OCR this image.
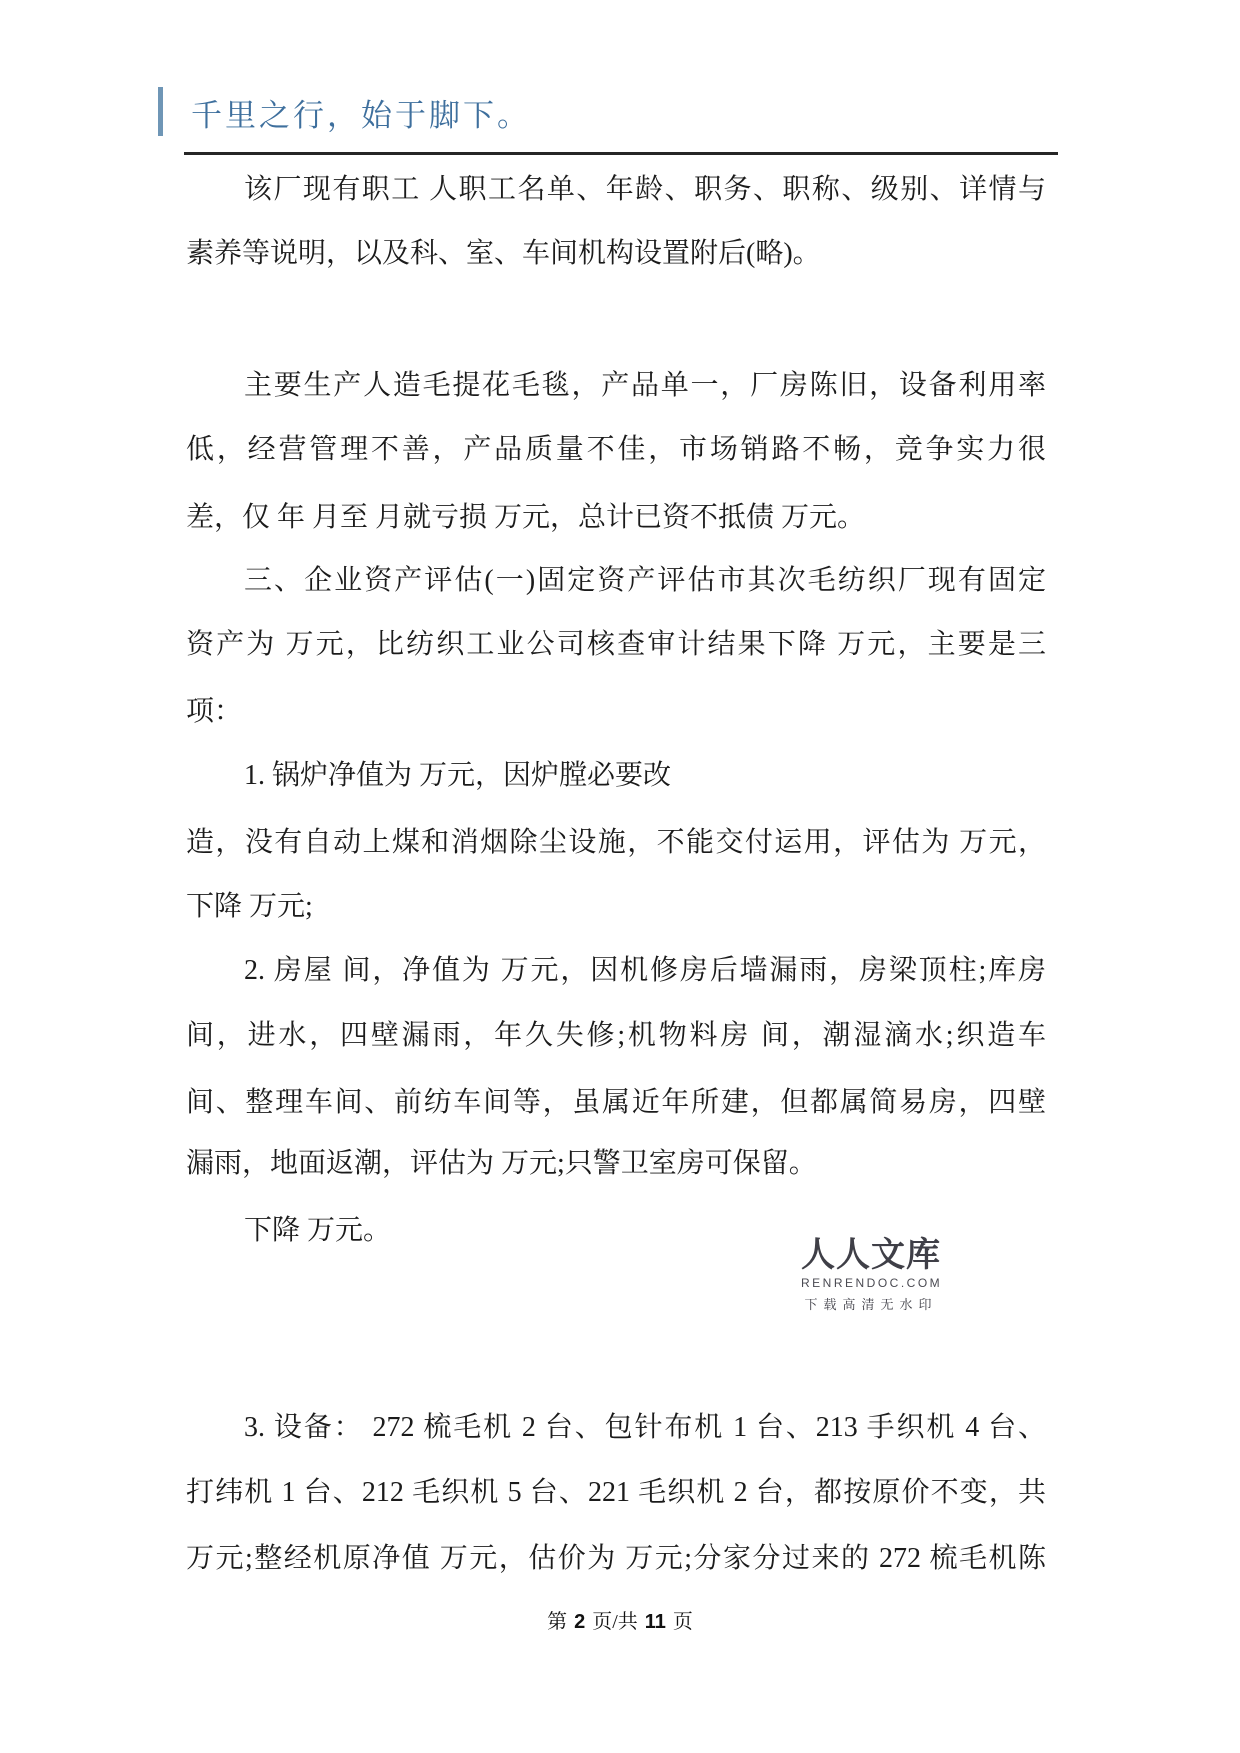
千里之行，始于脚下。
该厂现有职工 人职工名单、年龄、职务、职称、级别、详情与
素养等说明，以及科、室、车间机构设置附后(略)。
主要生产人造毛提花毛毯，产品单一，厂房陈旧，设备利用率
低，经营管理不善，产品质量不佳，市场销路不畅，竞争实力很
差，仅 年 月至 月就亏损 万元，总计已资不抵债 万元。
三、企业资产评估(一)固定资产评估市其次毛纺织厂现有固定
资产为 万元，比纺织工业公司核查审计结果下降 万元，主要是三
项：
1. 锅炉净值为 万元，因炉膛必要改
造，没有自动上煤和消烟除尘设施，不能交付运用，评估为 万元，
下降 万元;
2. 房屋 间，净值为 万元，因机修房后墙漏雨，房梁顶柱;库房
间，进水，四壁漏雨，年久失修;机物料房 间，潮湿滴水;织造车
间、整理车间、前纺车间等，虽属近年所建，但都属简易房，四壁
漏雨，地面返潮，评估为 万元;只警卫室房可保留。
下降 万元。
3. 设备： 272 梳毛机 2 台、包针布机 1 台、213 手织机 4 台、
打纬机 1 台、212 毛织机 5 台、221 毛织机 2 台，都按原价不变，共
万元;整经机原净值 万元，估价为 万元;分家分过来的 272 梳毛机陈
人人文库
RENRENDOC.COM
下载高清无水印
第 2 页/共 11 页
